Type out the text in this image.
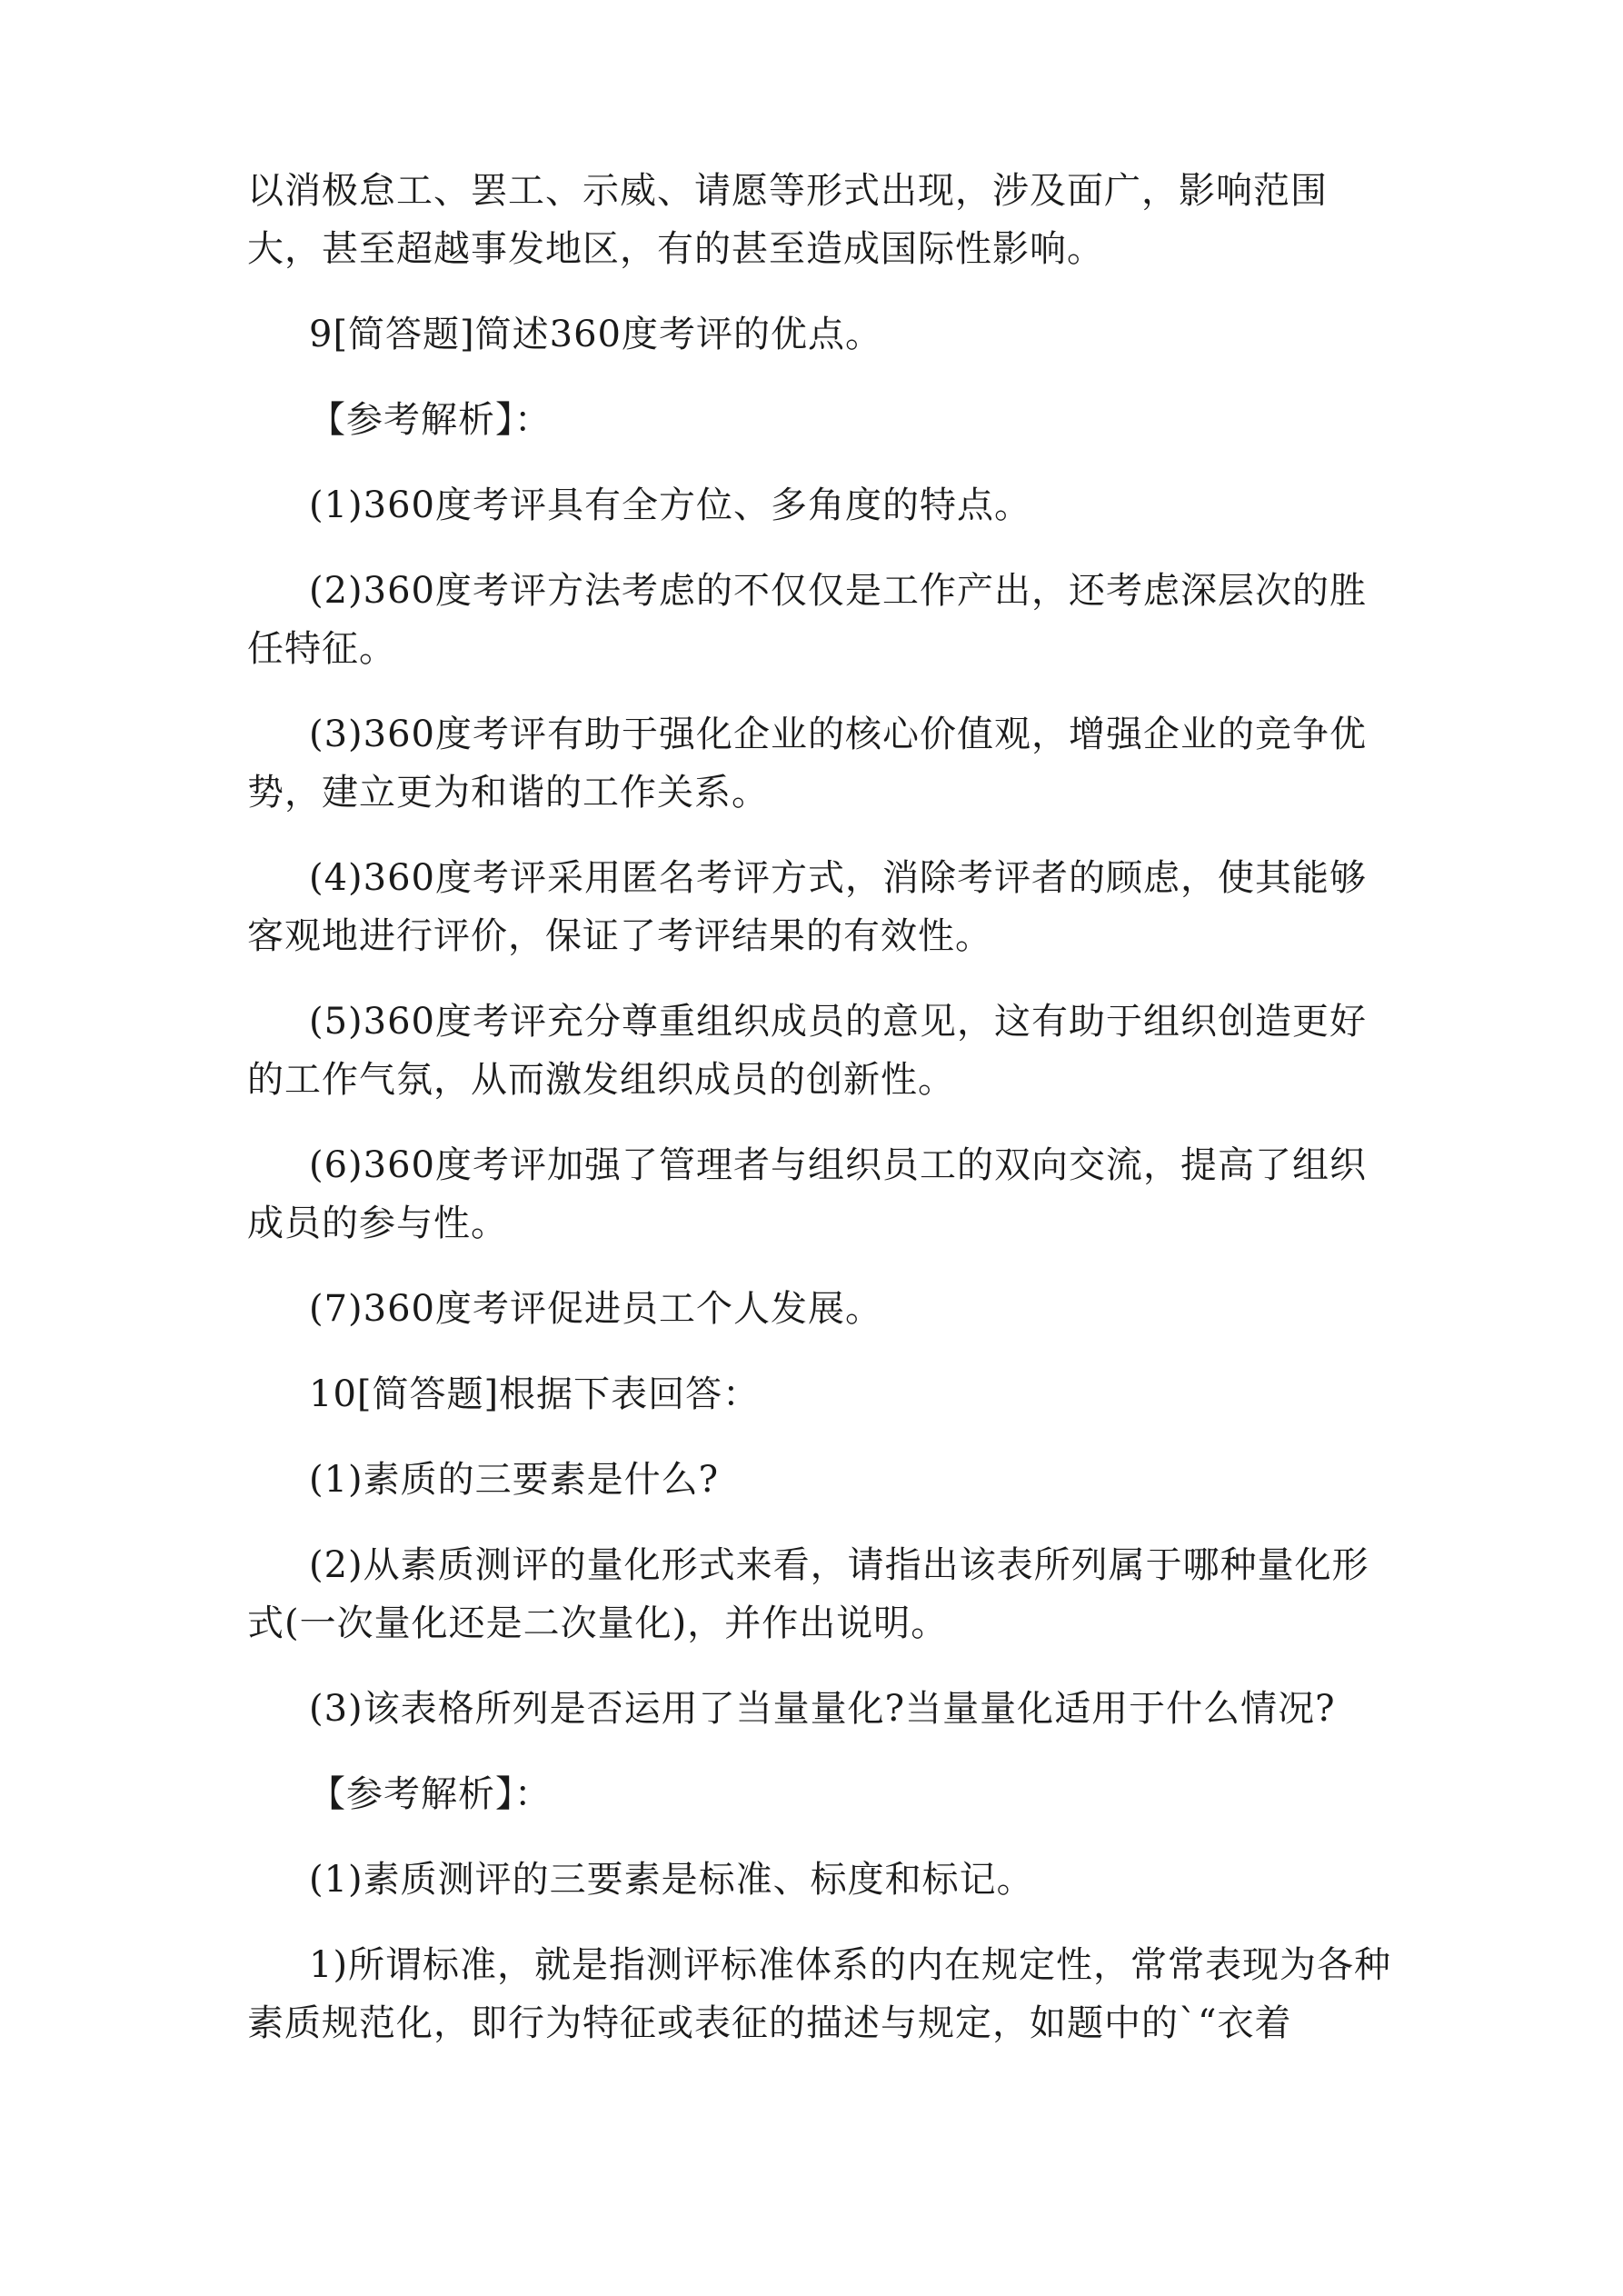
以消极怠工、罢工、示威、请愿等形式出现，涉及面广，影响范围大，甚至超越事发地区，有的甚至造成国际性影响。

9[简答题]简述360度考评的优点。

【参考解析】：

(1)360度考评具有全方位、多角度的特点。

(2)360度考评方法考虑的不仅仅是工作产出，还考虑深层次的胜任特征。

(3)360度考评有助于强化企业的核心价值观，增强企业的竞争优势，建立更为和谐的工作关系。

(4)360度考评采用匿名考评方式，消除考评者的顾虑，使其能够客观地进行评价，保证了考评结果的有效性。

(5)360度考评充分尊重组织成员的意见，这有助于组织创造更好的工作气氛，从而激发组织成员的创新性。

(6)360度考评加强了管理者与组织员工的双向交流，提高了组织成员的参与性。

(7)360度考评促进员工个人发展。

10[简答题]根据下表回答：

(1)素质的三要素是什么?

(2)从素质测评的量化形式来看，请指出该表所列属于哪种量化形式(一次量化还是二次量化)，并作出说明。

(3)该表格所列是否运用了当量量化?当量量化适用于什么情况?

【参考解析】：

(1)素质测评的三要素是标准、标度和标记。

1)所谓标准，就是指测评标准体系的内在规定性，常常表现为各种素质规范化，即行为特征或表征的描述与规定，如题中的`“衣着
